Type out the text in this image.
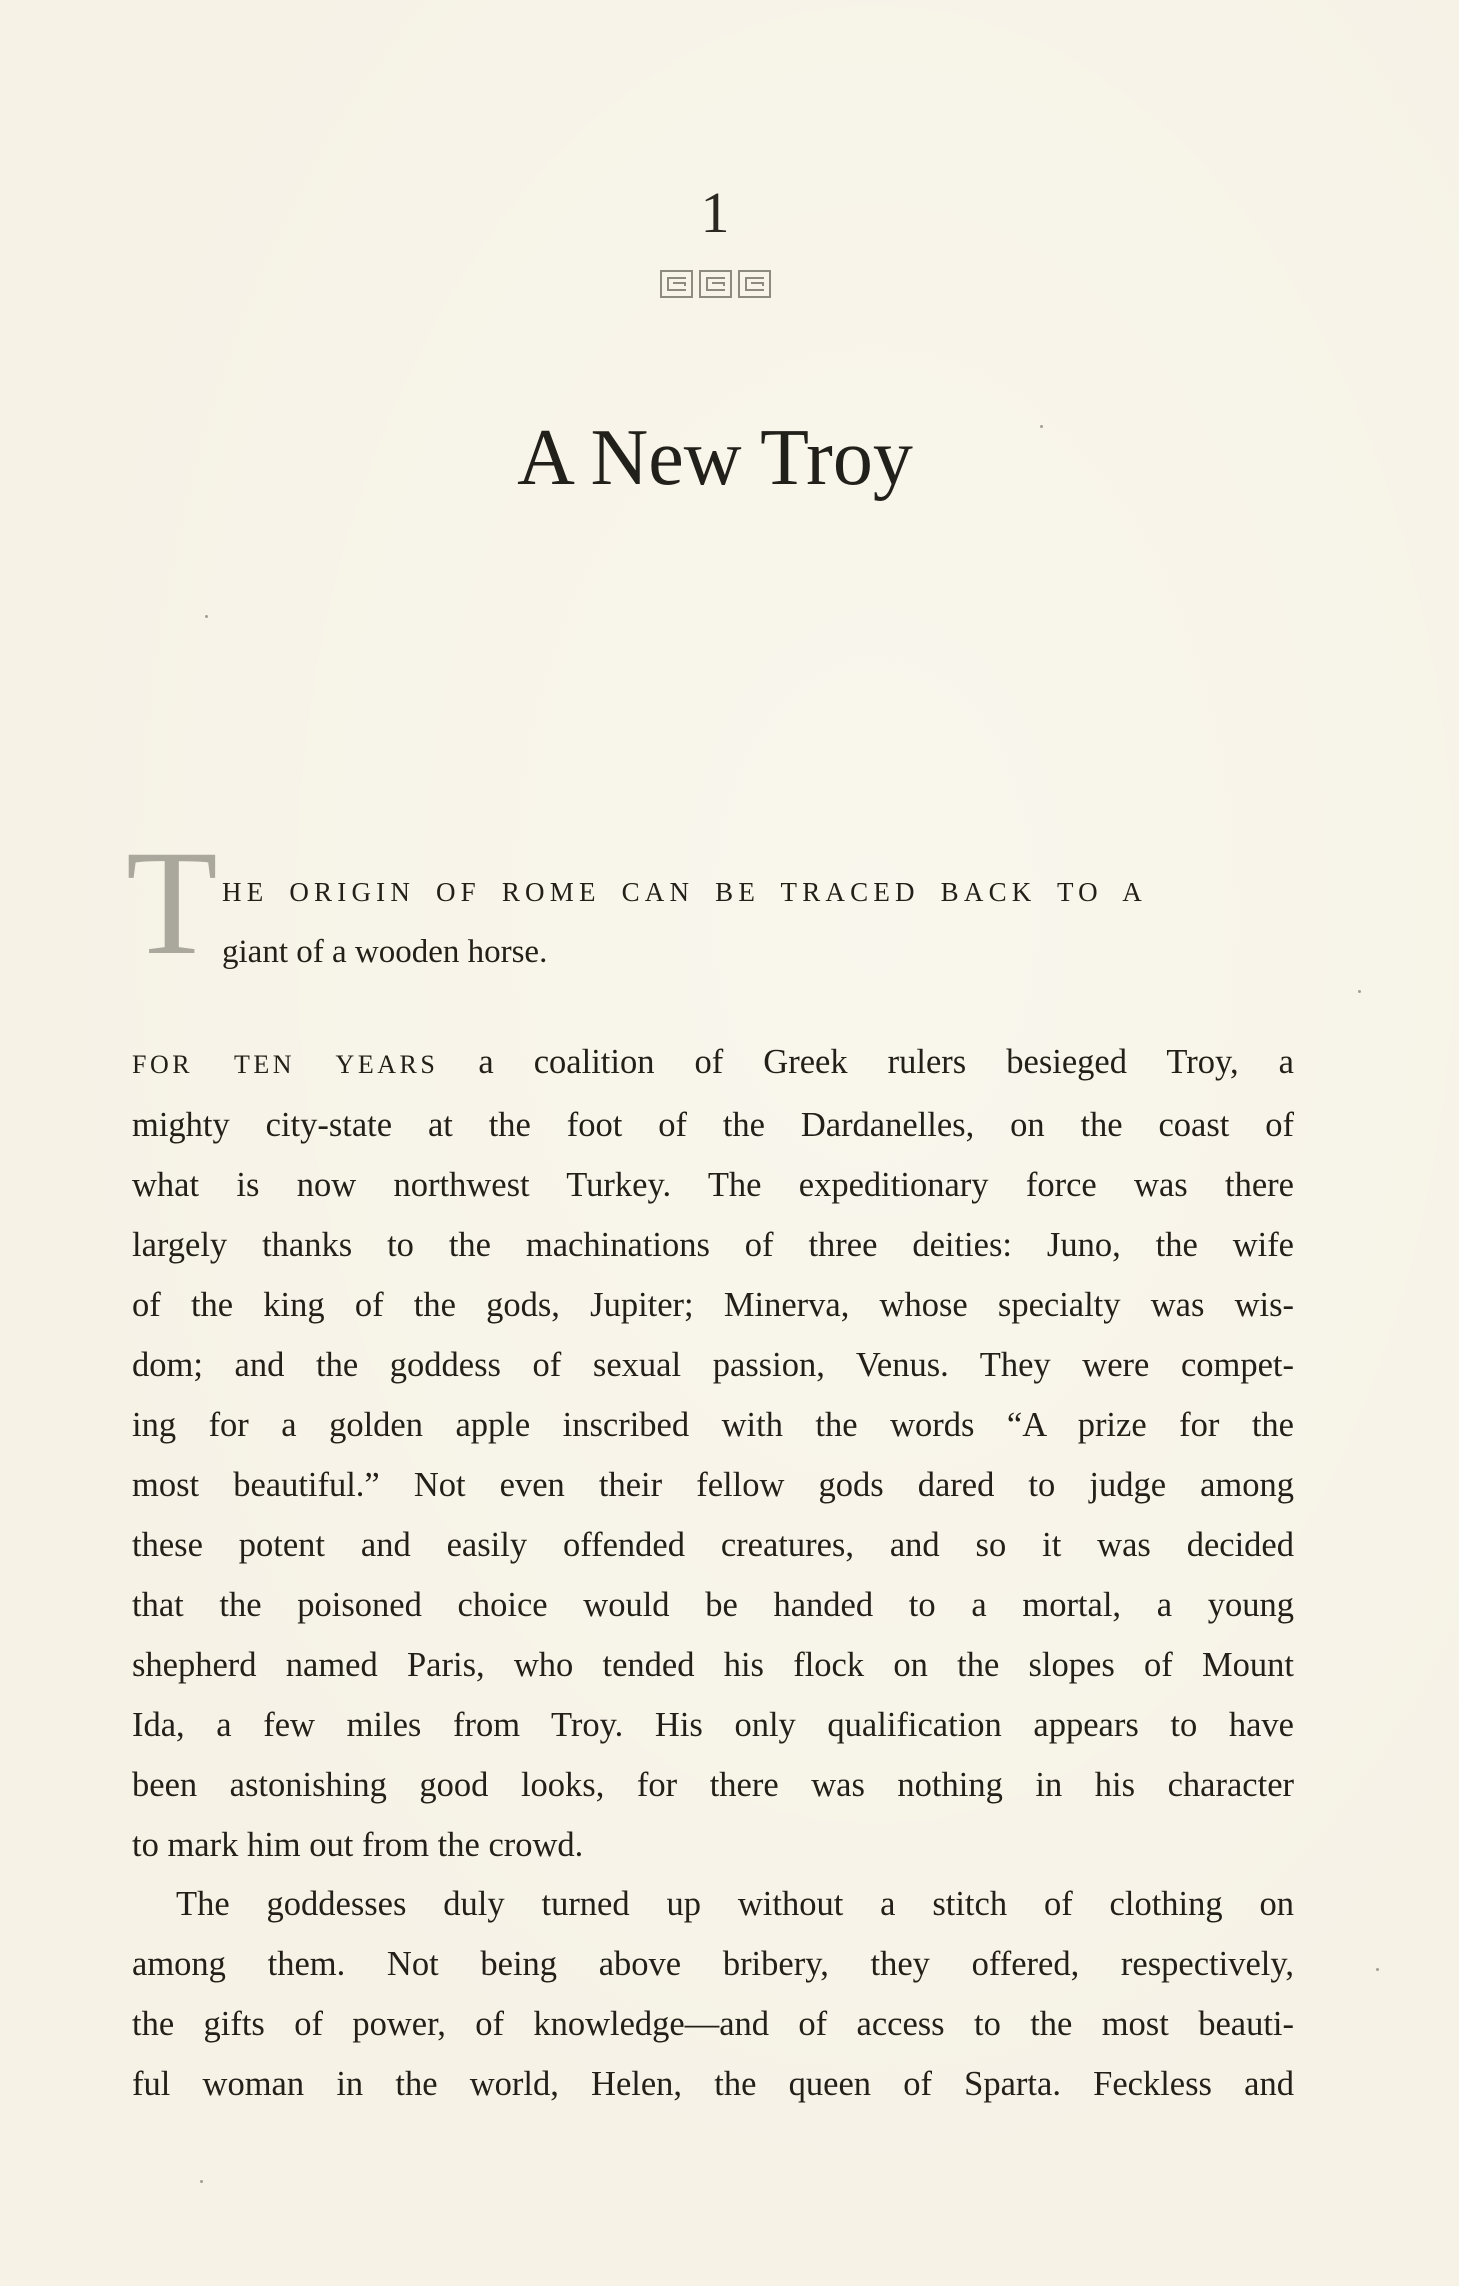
1
A New Troy
T HE ORIGIN OF ROME CAN BE TRACED BACK TO A
giant of a wooden horse.
FOR TEN YEARS a coalition of Greek rulers besieged Troy, a
mighty city-state at the foot of the Dardanelles, on the coast of
what is now northwest Turkey. The expeditionary force was there
largely thanks to the machinations of three deities: Juno, the wife
of the king of the gods, Jupiter; Minerva, whose specialty was wis-
dom; and the goddess of sexual passion, Venus. They were compet-
ing for a golden apple inscribed with the words “A prize for the
most beautiful.” Not even their fellow gods dared to judge among
these potent and easily offended creatures, and so it was decided
that the poisoned choice would be handed to a mortal, a young
shepherd named Paris, who tended his flock on the slopes of Mount
Ida, a few miles from Troy. His only qualification appears to have
been astonishing good looks, for there was nothing in his character
to mark him out from the crowd.
The goddesses duly turned up without a stitch of clothing on
among them. Not being above bribery, they offered, respectively,
the gifts of power, of knowledge—and of access to the most beauti-
ful woman in the world, Helen, the queen of Sparta. Feckless and
